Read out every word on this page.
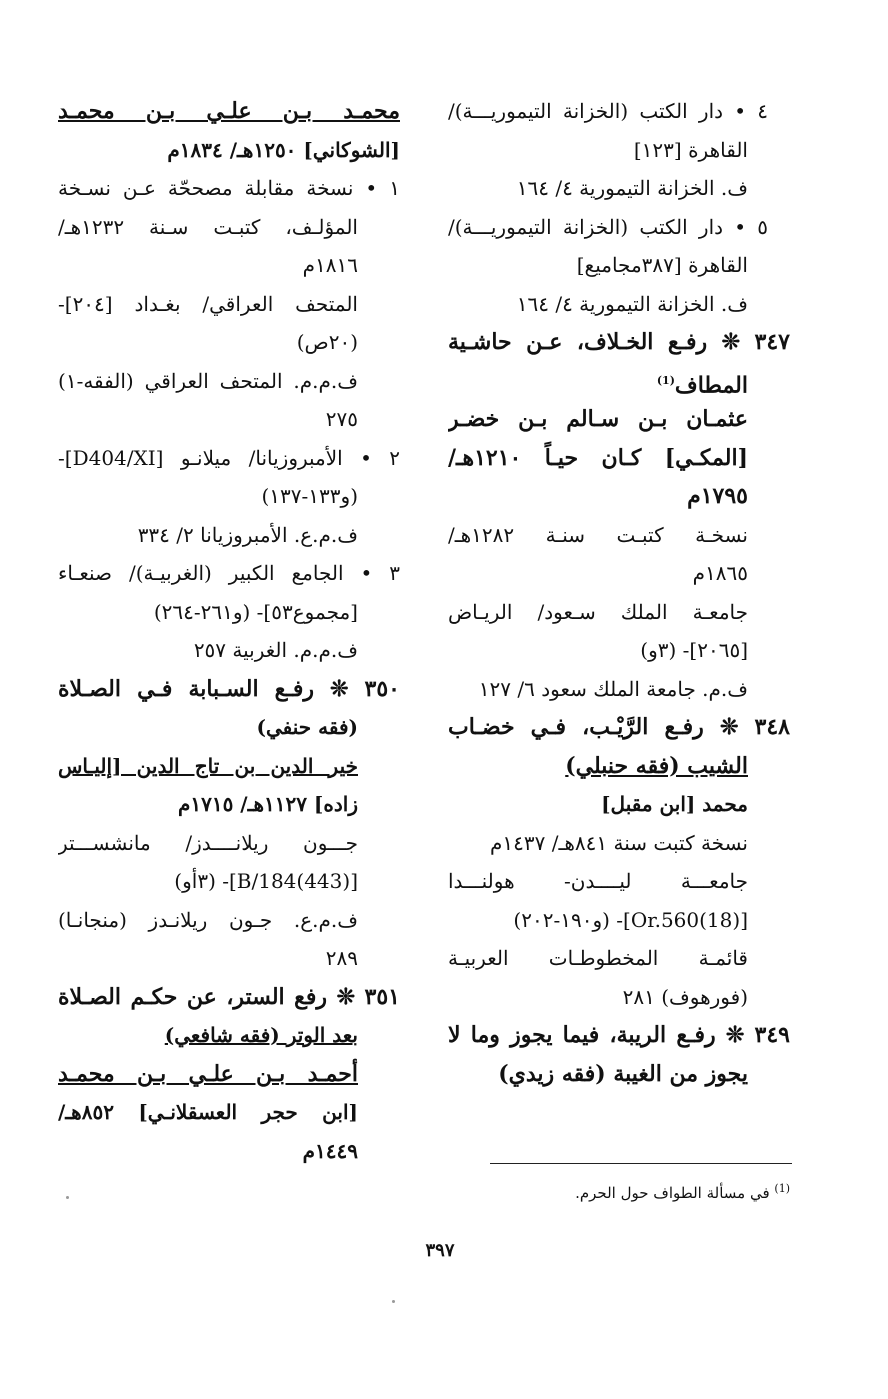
٤ • دار الكتب (الخزانة التيموريـــة)/
القاهرة [١٢٣]
ف. الخزانة التيمورية ٤/ ١٦٤
٥ • دار الكتب (الخزانة التيموريـــة)/
القاهرة [٣٨٧مجاميع]
ف. الخزانة التيمورية ٤/ ١٦٤
٣٤٧ ❊ رفـع الخـلاف، عـن حاشـية
المطاف$^{(1)}$
عثمـان بـن سـالم بـن خضـر
[المكـي] كـان حيـاً ١٢١٠هـ/
١٧٩٥م
نسخـة كتبـت سنـة ١٢٨٢هـ/
١٨٦٥م
جامعـة الملك سـعود/ الريـاض
[٢٠٦٥]- (٣و)
ف.م. جامعة الملك سعود ٦/ ١٢٧
٣٤٨ ❊ رفـع الرَّيْـب، فـي خضـاب
الشيب (فقه حنبلي)
محمد [ابن مقبل]
نسخة كتبت سنة ٨٤١هـ/ ١٤٣٧م
جامعـــة ليــــدن- هولنـــدا
[Or.560(18)]- (و١٩٠-٢٠٢)
قائمـة المخطوطـات العربيـة
(فورهوف) ٢٨١
٣٤٩ ❊ رفـع الريبة، فيما يجوز وما لا
يجوز من الغيبة (فقه زيدي)
محمـد بـن علـي بـن محمـد
[الشوكاني] ١٢٥٠هـ/ ١٨٣٤م
١ • نسخة مقابلة مصححّة عـن نسـخة
المؤلـف، كتبـت سـنة ١٢٣٢هـ/
١٨١٦م
المتحف العراقي/ بغـداد [٢٠٤]-
(٢٠ص)
ف.م.م. المتحف العراقي (الفقه-١)
٢٧٥
٢ • الأمبروزيانا/ ميلانـو [D404/XI]-
(و١٣٣-١٣٧)
ف.م.ع. الأمبروزيانا ٢/ ٣٣٤
٣ • الجامع الكبير (الغربيـة)/ صنعـاء
[مجموع٥٣]- (و٢٦١-٢٦٤)
ف.م.م. الغربية ٢٥٧
٣٥٠ ❊ رفـع السـبابة فـي الصـلاة
(فقه حنفي)
خير الدين بن تاج الدين [إليـاس
زاده] ١١٢٧هـ/ ١٧١٥م
جـــون ريلانــــدز/ مانشســـتر
[B/184(443)]- (٣أو)
ف.م.ع. جـون ريلانـدز (منجانـا)
٢٨٩
٣٥١ ❊ رفع الستر، عن حكـم الصـلاة
بعد الوتر (فقه شافعي)
أحمـد بـن علـي بـن محمـد
[ابن حجر العسقلانـي] ٨٥٢هـ/
١٤٤٩م
$^{(1)}$ في مسألة الطواف حول الحرم.
٣٩٧
